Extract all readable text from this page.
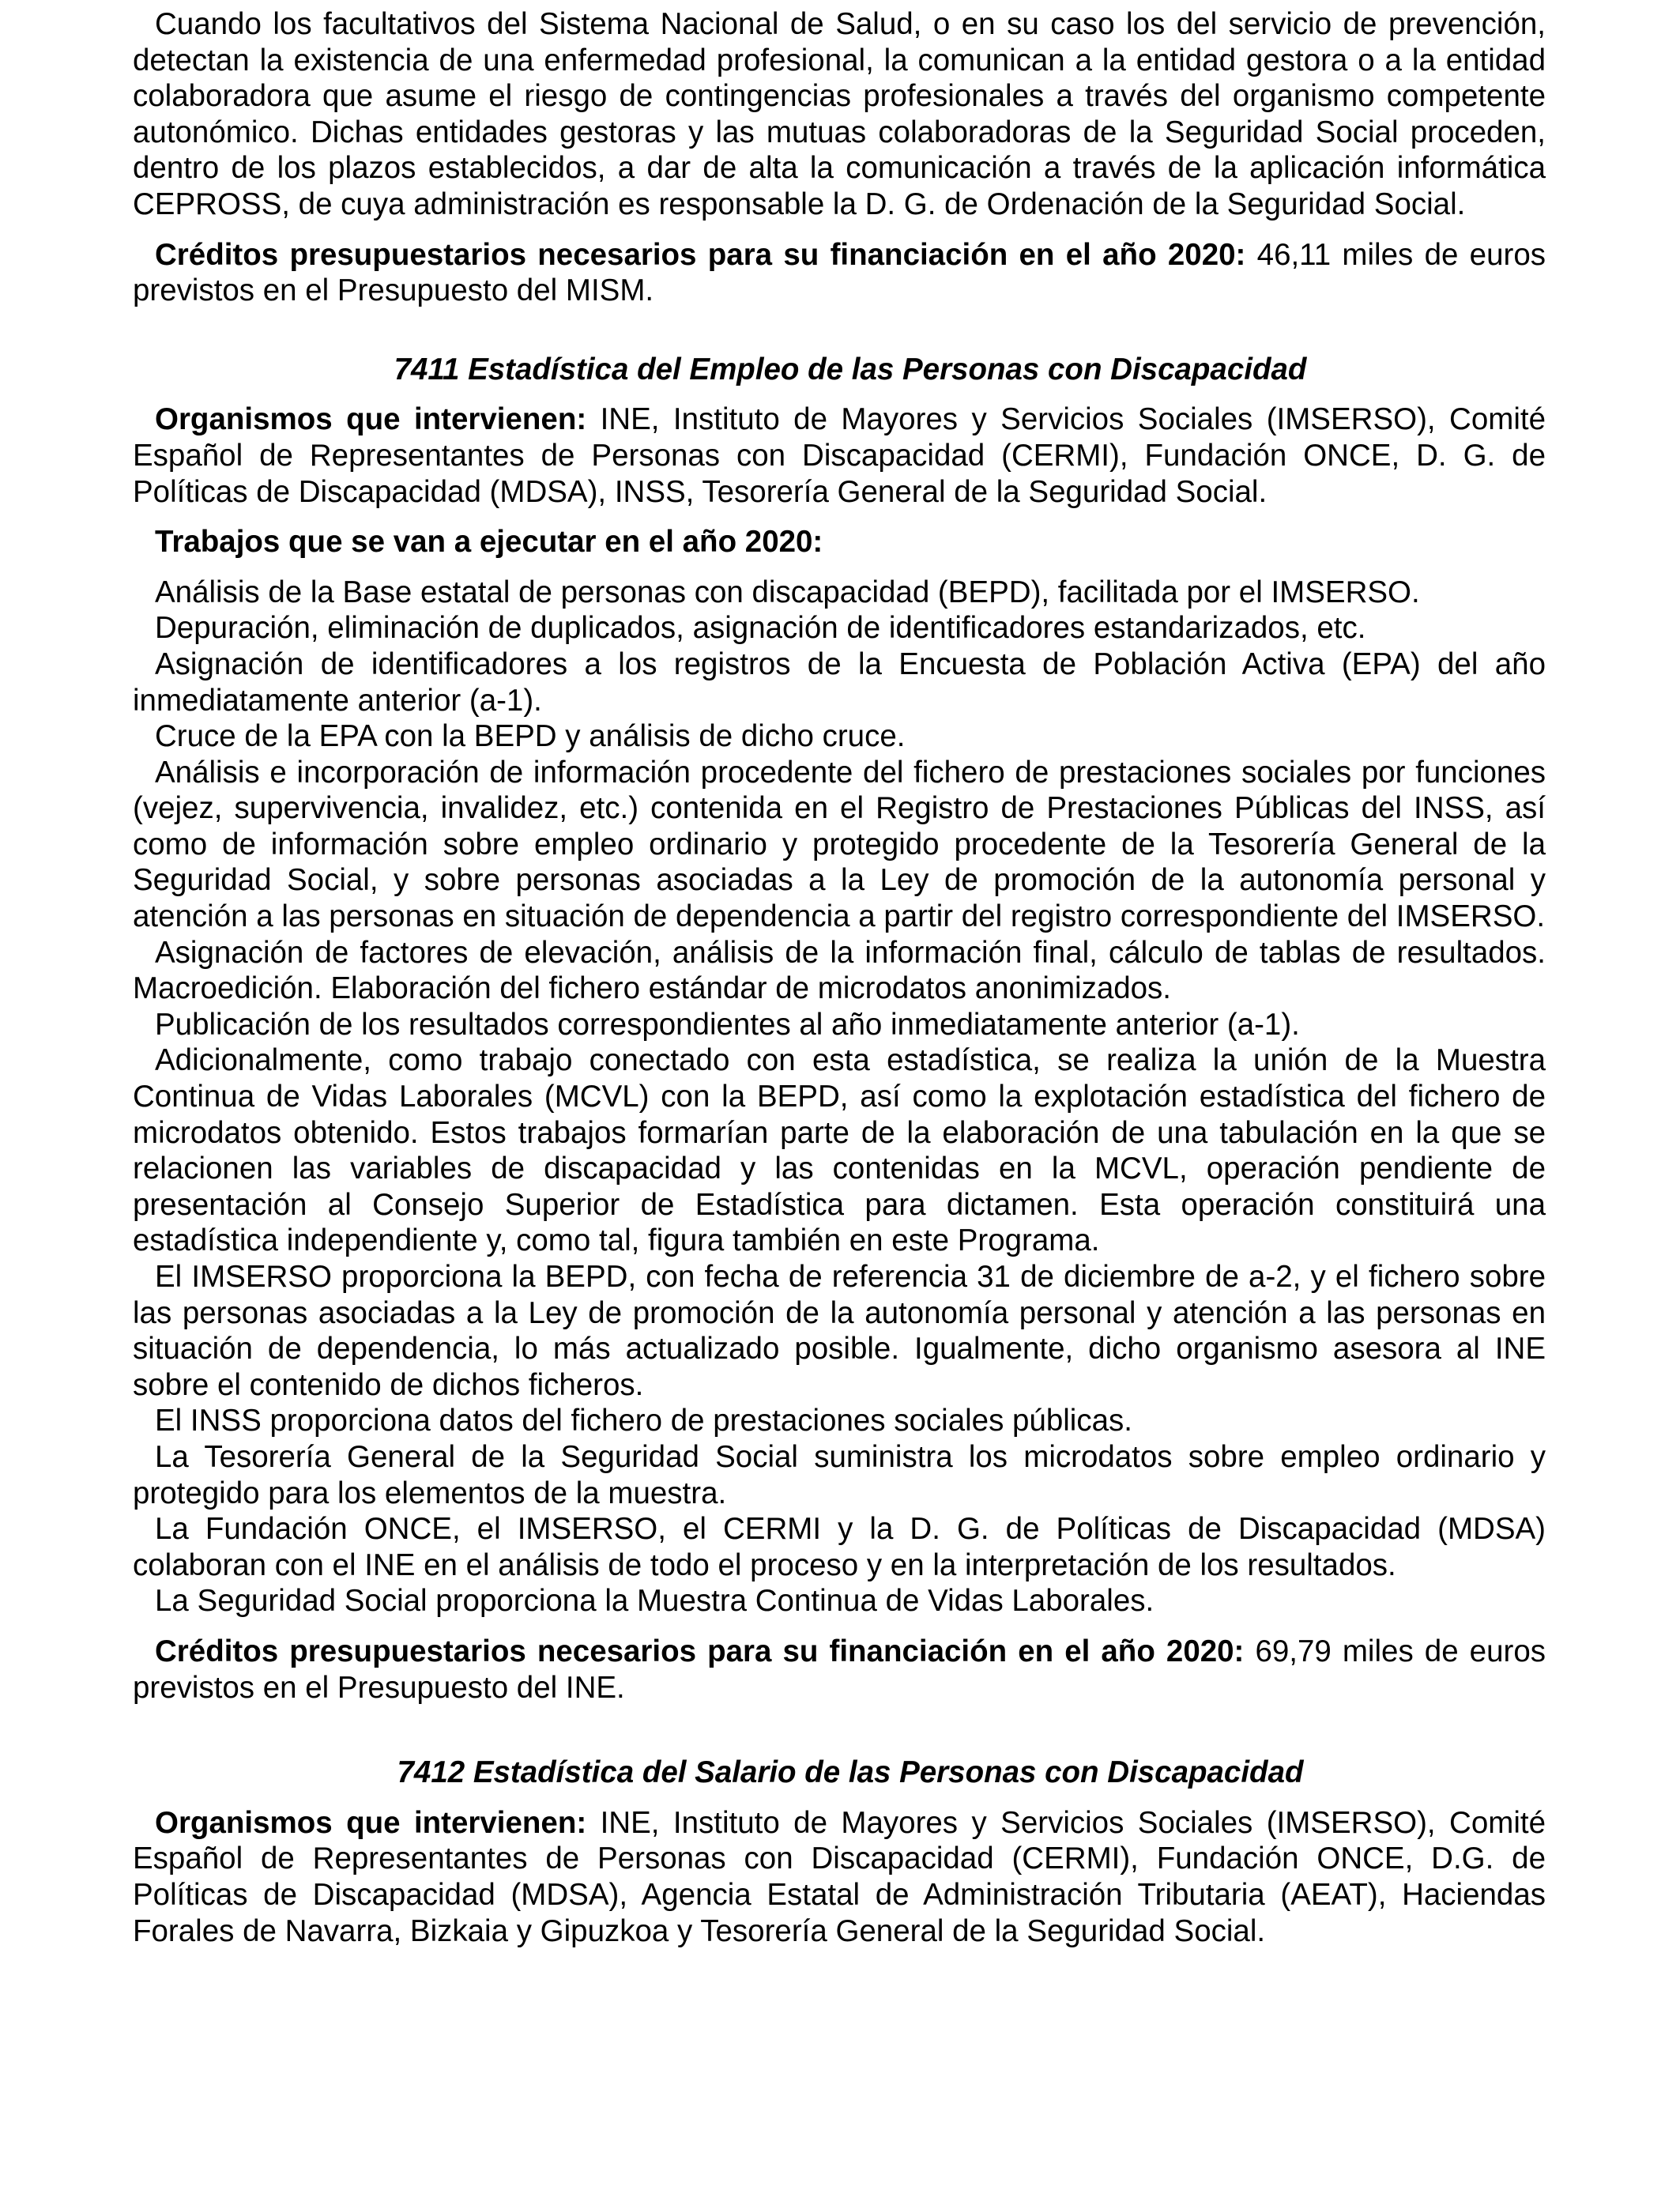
Cuando los facultativos del Sistema Nacional de Salud, o en su caso los del servicio de prevención, detectan la existencia de una enfermedad profesional, la comunican a la entidad gestora o a la entidad colaboradora que asume el riesgo de contingencias profesionales a través del organismo competente autonómico. Dichas entidades gestoras y las mutuas colaboradoras de la Seguridad Social proceden, dentro de los plazos establecidos, a dar de alta la comunicación a través de la aplicación informática CEPROSS, de cuya administración es responsable la D. G. de Ordenación de la Seguridad Social.

Créditos presupuestarios necesarios para su financiación en el año 2020: 46,11 miles de euros previstos en el Presupuesto del MISM.

7411 Estadística del Empleo de las Personas con Discapacidad

Organismos que intervienen: INE, Instituto de Mayores y Servicios Sociales (IMSERSO), Comité Español de Representantes de Personas con Discapacidad (CERMI), Fundación ONCE, D. G. de Políticas de Discapacidad (MDSA), INSS, Tesorería General de la Seguridad Social.

Trabajos que se van a ejecutar en el año 2020:

Análisis de la Base estatal de personas con discapacidad (BEPD), facilitada por el IMSERSO.

Depuración, eliminación de duplicados, asignación de identificadores estandarizados, etc.

Asignación de identificadores a los registros de la Encuesta de Población Activa (EPA) del año inmediatamente anterior (a-1).

Cruce de la EPA con la BEPD y análisis de dicho cruce.

Análisis e incorporación de información procedente del fichero de prestaciones sociales por funciones (vejez, supervivencia, invalidez, etc.) contenida en el Registro de Prestaciones Públicas del INSS, así como de información sobre empleo ordinario y protegido procedente de la Tesorería General de la Seguridad Social, y sobre personas asociadas a la Ley de promoción de la autonomía personal y atención a las personas en situación de dependencia a partir del registro correspondiente del IMSERSO.

Asignación de factores de elevación, análisis de la información final, cálculo de tablas de resultados. Macroedición. Elaboración del fichero estándar de microdatos anonimizados.

Publicación de los resultados correspondientes al año inmediatamente anterior (a-1).

Adicionalmente, como trabajo conectado con esta estadística, se realiza la unión de la Muestra Continua de Vidas Laborales (MCVL) con la BEPD, así como la explotación estadística del fichero de microdatos obtenido. Estos trabajos formarían parte de la elaboración de una tabulación en la que se relacionen las variables de discapacidad y las contenidas en la MCVL, operación pendiente de presentación al Consejo Superior de Estadística para dictamen. Esta operación constituirá una estadística independiente y, como tal, figura también en este Programa.

El IMSERSO proporciona la BEPD, con fecha de referencia 31 de diciembre de a-2, y el fichero sobre las personas asociadas a la Ley de promoción de la autonomía personal y atención a las personas en situación de dependencia, lo más actualizado posible. Igualmente, dicho organismo asesora al INE sobre el contenido de dichos ficheros.

El INSS proporciona datos del fichero de prestaciones sociales públicas.

La Tesorería General de la Seguridad Social suministra los microdatos sobre empleo ordinario y protegido para los elementos de la muestra.

La Fundación ONCE, el IMSERSO, el CERMI y la D. G. de Políticas de Discapacidad (MDSA) colaboran con el INE en el análisis de todo el proceso y en la interpretación de los resultados.

La Seguridad Social proporciona la Muestra Continua de Vidas Laborales.

Créditos presupuestarios necesarios para su financiación en el año 2020: 69,79 miles de euros previstos en el Presupuesto del INE.

7412 Estadística del Salario de las Personas con Discapacidad

Organismos que intervienen: INE, Instituto de Mayores y Servicios Sociales (IMSERSO), Comité Español de Representantes de Personas con Discapacidad (CERMI), Fundación ONCE, D.G. de Políticas de Discapacidad (MDSA), Agencia Estatal de Administración Tributaria (AEAT), Haciendas Forales de Navarra, Bizkaia y Gipuzkoa y Tesorería General de la Seguridad Social.
